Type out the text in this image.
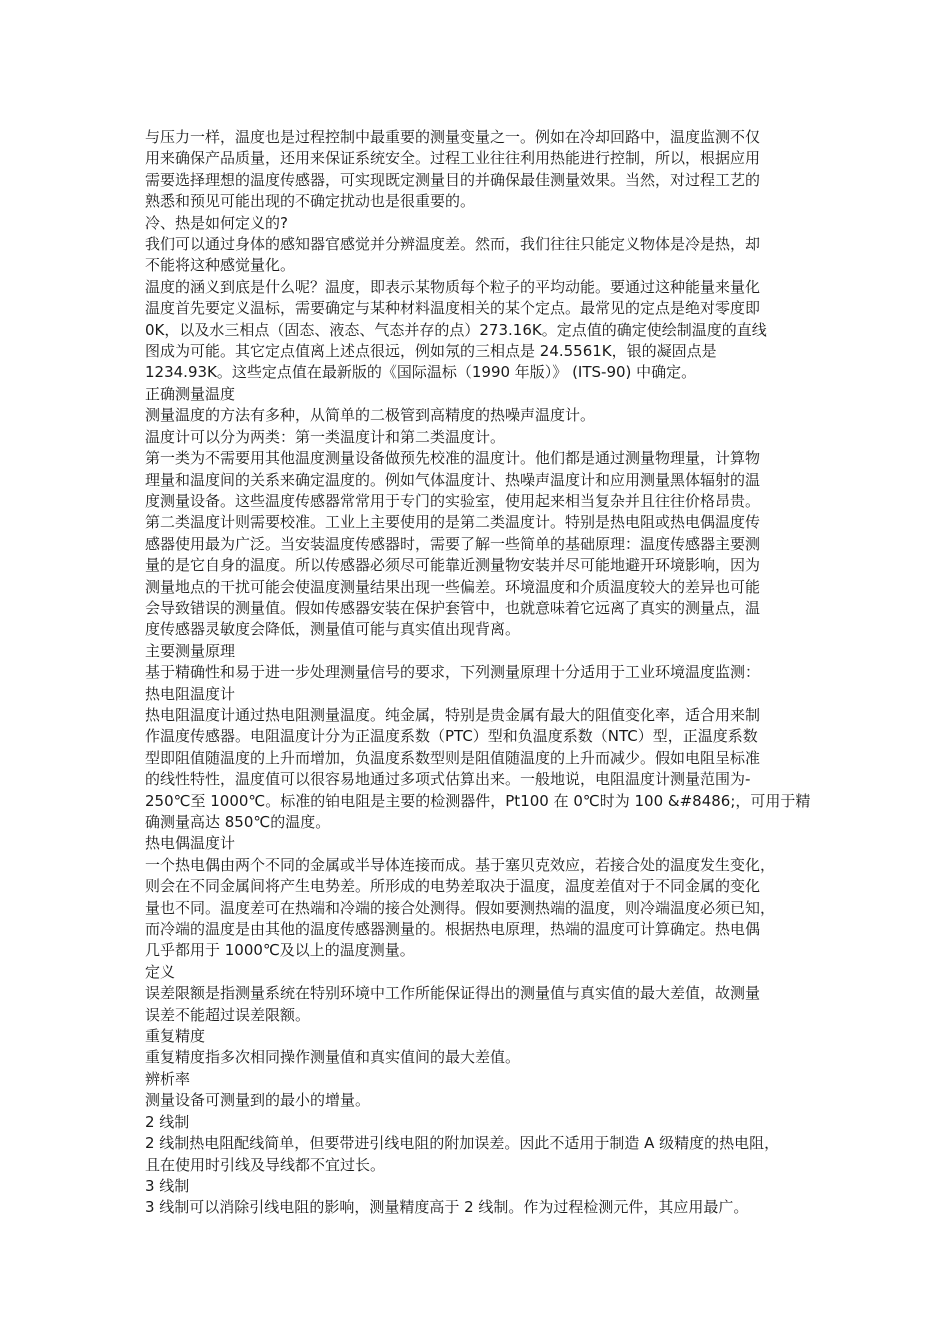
与压力一样，温度也是过程控制中最重要的测量变量之一。例如在冷却回路中，温度监测不仅
用来确保产品质量，还用来保证系统安全。过程工业往往利用热能进行控制，所以，根据应用
需要选择理想的温度传感器，可实现既定测量目的并确保最佳测量效果。当然，对过程工艺的
熟悉和预见可能出现的不确定扰动也是很重要的。
冷、热是如何定义的?
我们可以通过身体的感知器官感觉并分辨温度差。然而，我们往往只能定义物体是冷是热，却
不能将这种感觉量化。
温度的涵义到底是什么呢？温度，即表示某物质每个粒子的平均动能。要通过这种能量来量化
温度首先要定义温标，需要确定与某种材料温度相关的某个定点。最常见的定点是绝对零度即
0K，以及水三相点（固态、液态、气态并存的点）273.16K。定点值的确定使绘制温度的直线
图成为可能。其它定点值离上述点很远，例如氖的三相点是 24.5561K，银的凝固点是
1234.93K。这些定点值在最新版的《国际温标（1990 年版）》 (ITS-90) 中确定。
正确测量温度
测量温度的方法有多种，从简单的二极管到高精度的热噪声温度计。
温度计可以分为两类：第一类温度计和第二类温度计。
第一类为不需要用其他温度测量设备做预先校准的温度计。他们都是通过测量物理量，计算物
理量和温度间的关系来确定温度的。例如气体温度计、热噪声温度计和应用测量黑体辐射的温
度测量设备。这些温度传感器常常用于专门的实验室，使用起来相当复杂并且往往价格昂贵。
第二类温度计则需要校准。工业上主要使用的是第二类温度计。特别是热电阻或热电偶温度传
感器使用最为广泛。当安装温度传感器时，需要了解一些简单的基础原理：温度传感器主要测
量的是它自身的温度。所以传感器必须尽可能靠近测量物安装并尽可能地避开环境影响，因为
测量地点的干扰可能会使温度测量结果出现一些偏差。环境温度和介质温度较大的差异也可能
会导致错误的测量值。假如传感器安装在保护套管中，也就意味着它远离了真实的测量点，温
度传感器灵敏度会降低，测量值可能与真实值出现背离。
主要测量原理
基于精确性和易于进一步处理测量信号的要求，下列测量原理十分适用于工业环境温度监测：
热电阻温度计
热电阻温度计通过热电阻测量温度。纯金属，特别是贵金属有最大的阻值变化率，适合用来制
作温度传感器。电阻温度计分为正温度系数（PTC）型和负温度系数（NTC）型，正温度系数
型即阻值随温度的上升而增加，负温度系数型则是阻值随温度的上升而减少。假如电阻呈标准
的线性特性，温度值可以很容易地通过多项式估算出来。一般地说，电阻温度计测量范围为-
250℃至 1000℃。标准的铂电阻是主要的检测器件，Pt100 在 0℃时为 100 &#8486;，可用于精
确测量高达 850℃的温度。
热电偶温度计
一个热电偶由两个不同的金属或半导体连接而成。基于塞贝克效应，若接合处的温度发生变化，
则会在不同金属间将产生电势差。所形成的电势差取决于温度，温度差值对于不同金属的变化
量也不同。温度差可在热端和冷端的接合处测得。假如要测热端的温度，则冷端温度必须已知，
而冷端的温度是由其他的温度传感器测量的。根据热电原理，热端的温度可计算确定。热电偶
几乎都用于 1000℃及以上的温度测量。
定义
误差限额是指测量系统在特别环境中工作所能保证得出的测量值与真实值的最大差值，故测量
误差不能超过误差限额。
重复精度
重复精度指多次相同操作测量值和真实值间的最大差值。
辨析率
测量设备可测量到的最小的增量。
2 线制
2 线制热电阻配线简单，但要带进引线电阻的附加误差。因此不适用于制造 A 级精度的热电阻，
且在使用时引线及导线都不宜过长。
3 线制
3 线制可以消除引线电阻的影响，测量精度高于 2 线制。作为过程检测元件，其应用最广。
